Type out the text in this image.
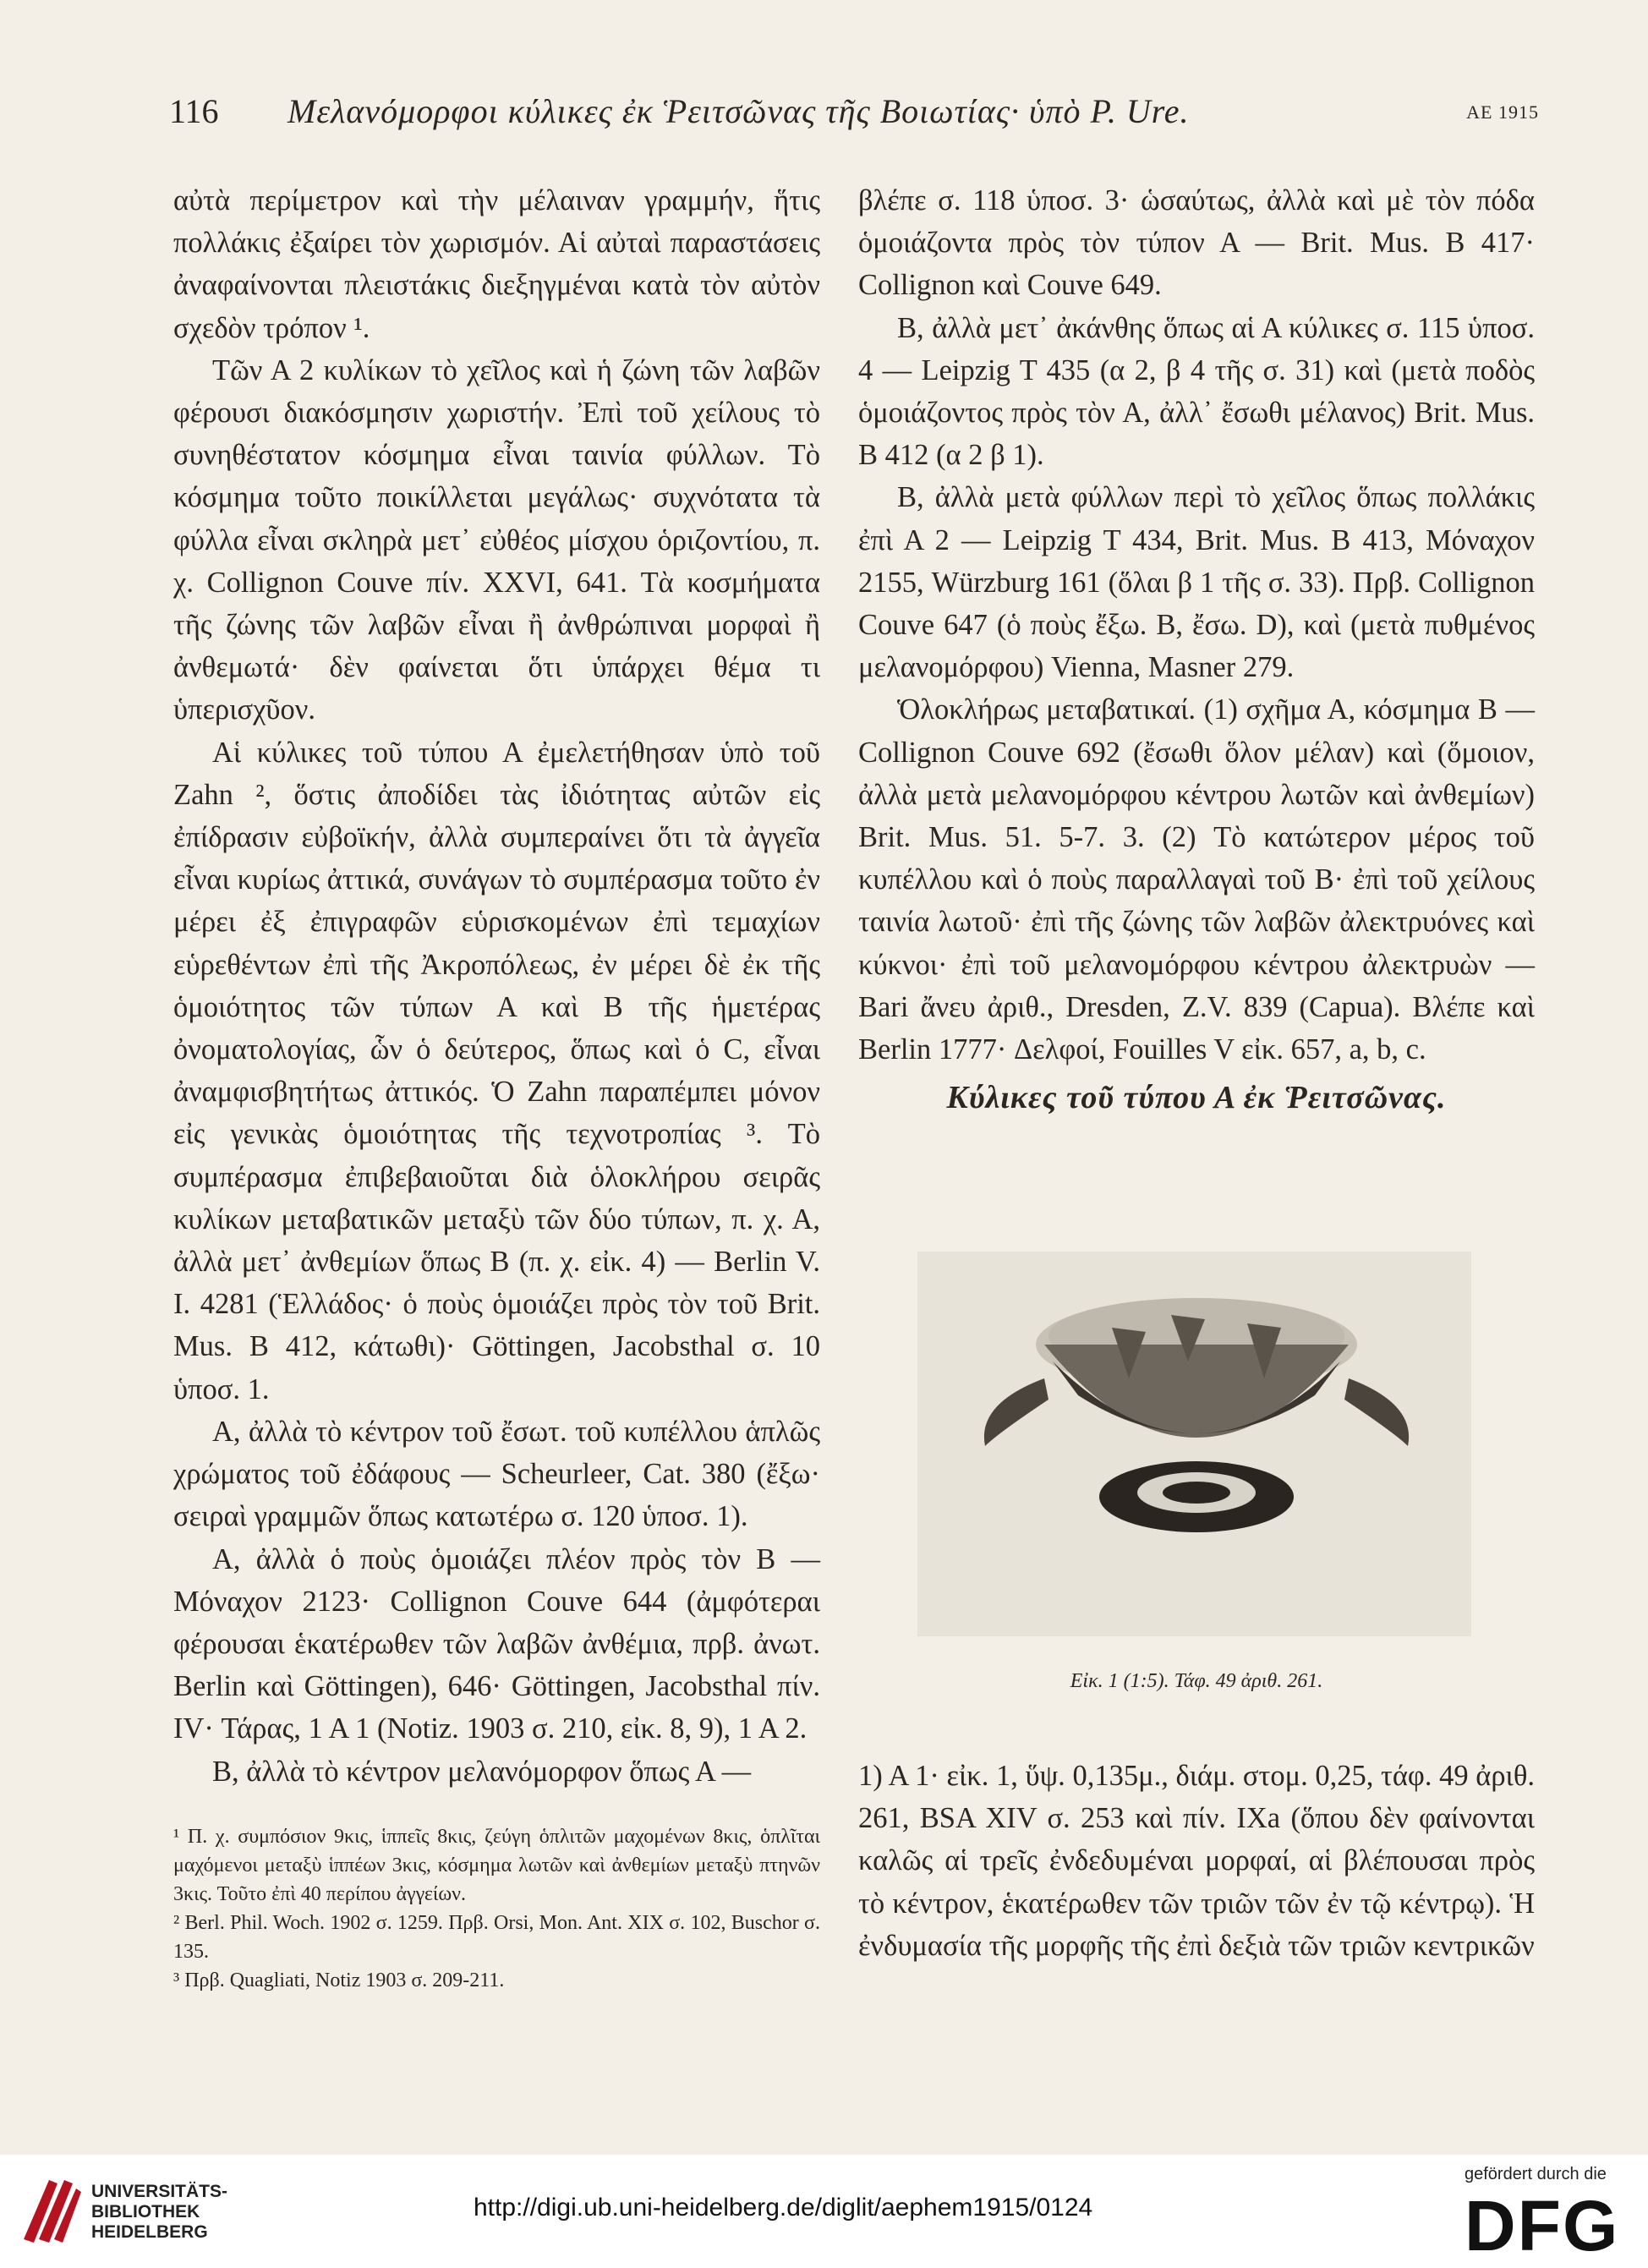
116 Μελανόμορφοι κύλικες ἐκ Ῥειτσῶνας τῆς Βοιωτίας· ὑπὸ P. Ure.	ΑΕ 1915

αὐτὰ περίμετρον καὶ τὴν μέλαιναν γραμμήν, ἥτις πολλάκις ἐξαίρει τὸν χωρισμόν. Αἱ αὐταὶ παραστάσεις ἀναφαίνονται πλειστάκις διεξηγμέναι κατὰ τὸν αὐτὸν σχεδὸν τρόπον ¹.

Τῶν Α 2 κυλίκων τὸ χεῖλος καὶ ἡ ζώνη τῶν λαβῶν φέρουσι διακόσμησιν χωριστήν. Ἐπὶ τοῦ χείλους τὸ συνηθέστατον κόσμημα εἶναι ταινία φύλλων. Τὸ κόσμημα τοῦτο ποικίλλεται μεγάλως· συχνότατα τὰ φύλλα εἶναι σκληρὰ μετ᾽ εὐθέος μίσχου ὁριζοντίου, π. χ. Collignon Couve πίν. XXVI, 641. Τὰ κοσμήματα τῆς ζώνης τῶν λαβῶν εἶναι ἢ ἀνθρώπιναι μορφαὶ ἢ ἀνθεμωτά· δὲν φαίνεται ὅτι ὑπάρχει θέμα τι ὑπερισχῦον.

Αἱ κύλικες τοῦ τύπου Α ἐμελετήθησαν ὑπὸ τοῦ Zahn ², ὅστις ἀποδίδει τὰς ἰδιότητας αὐτῶν εἰς ἐπίδρασιν εὐβοϊκήν, ἀλλὰ συμπεραίνει ὅτι τὰ ἀγγεῖα εἶναι κυρίως ἀττικά, συνάγων τὸ συμπέρασμα τοῦτο ἐν μέρει ἐξ ἐπιγραφῶν εὑρισκομένων ἐπὶ τεμαχίων εὑρεθέντων ἐπὶ τῆς Ἀκροπόλεως, ἐν μέρει δὲ ἐκ τῆς ὁμοιότητος τῶν τύπων Α καὶ Β τῆς ἡμετέρας ὀνοματολογίας, ὧν ὁ δεύτερος, ὅπως καὶ ὁ C, εἶναι ἀναμφισβητήτως ἀττικός. Ὁ Zahn παραπέμπει μόνον εἰς γενικὰς ὁμοιότητας τῆς τεχνοτροπίας ³. Τὸ συμπέρασμα ἐπιβεβαιοῦται διὰ ὁλοκλήρου σειρᾶς κυλίκων μεταβατικῶν μεταξὺ τῶν δύο τύπων, π. χ. Α, ἀλλὰ μετ᾽ ἀνθεμίων ὅπως Β (π. χ. εἰκ. 4) — Berlin V. I. 4281 (Ἑλλάδος· ὁ ποὺς ὁμοιάζει πρὸς τὸν τοῦ Brit. Mus. Β 412, κάτωθι)· Göttingen, Jacobsthal σ. 10 ὑποσ. 1.

Α, ἀλλὰ τὸ κέντρον τοῦ ἔσωτ. τοῦ κυπέλλου ἁπλῶς χρώματος τοῦ ἐδάφους — Scheurleer, Cat. 380 (ἔξω· σειραὶ γραμμῶν ὅπως κατωτέρω σ. 120 ὑποσ. 1).

Α, ἀλλὰ ὁ ποὺς ὁμοιάζει πλέον πρὸς τὸν Β — Μόναχον 2123· Collignon Couve 644 (ἀμφότεραι φέρουσαι ἑκατέρωθεν τῶν λαβῶν ἀνθέμια, πρβ. ἀνωτ. Berlin καὶ Göttingen), 646· Göttingen, Jacobsthal πίν. IV· Τάρας, 1 Α 1 (Notiz. 1903 σ. 210, εἰκ. 8, 9), 1 Α 2.

Β, ἀλλὰ τὸ κέντρον μελανόμορφον ὅπως Α —

¹ Π. χ. συμπόσιον 9κις, ἱππεῖς 8κις, ζεύγη ὁπλιτῶν μαχομένων 8κις, ὁπλῖται μαχόμενοι μεταξὺ ἱππέων 3κις, κόσμημα λωτῶν καὶ ἀνθεμίων μεταξὺ πτηνῶν 3κις. Τοῦτο ἐπὶ 40 περίπου ἀγγείων.

² Berl. Phil. Woch. 1902 σ. 1259. Πρβ. Orsi, Mon. Ant. XIX σ. 102, Buschor σ. 135.

³ Πρβ. Quagliati, Notiz 1903 σ. 209-211.

βλέπε σ. 118 ὑποσ. 3· ὡσαύτως, ἀλλὰ καὶ μὲ τὸν πόδα ὁμοιάζοντα πρὸς τὸν τύπον Α — Brit. Mus. Β 417· Collignon καὶ Couve 649.

Β, ἀλλὰ μετ᾽ ἀκάνθης ὅπως αἱ Α κύλικες σ. 115 ὑποσ. 4 — Leipzig T 435 (α 2, β 4 τῆς σ. 31) καὶ (μετὰ ποδὸς ὁμοιάζοντος πρὸς τὸν Α, ἀλλ᾽ ἔσωθι μέλανος) Brit. Mus. Β 412 (α 2 β 1).

Β, ἀλλὰ μετὰ φύλλων περὶ τὸ χεῖλος ὅπως πολλάκις ἐπὶ Α 2 — Leipzig T 434, Brit. Mus. Β 413, Μόναχον 2155, Würzburg 161 (ὅλαι β 1 τῆς σ. 33). Πρβ. Collignon Couve 647 (ὁ ποὺς ἔξω. Β, ἔσω. D), καὶ (μετὰ πυθμένος μελανομόρφου) Vienna, Masner 279.

Ὁλοκλήρως μεταβατικαί. (1) σχῆμα Α, κόσμημα Β — Collignon Couve 692 (ἔσωθι ὅλον μέλαν) καὶ (ὅμοιον, ἀλλὰ μετὰ μελανομόρφου κέντρου λωτῶν καὶ ἀνθεμίων) Brit. Mus. 51. 5-7. 3. (2) Τὸ κατώτερον μέρος τοῦ κυπέλλου καὶ ὁ ποὺς παραλλαγαὶ τοῦ Β· ἐπὶ τοῦ χείλους ταινία λωτοῦ· ἐπὶ τῆς ζώνης τῶν λαβῶν ἀλεκτρυόνες καὶ κύκνοι· ἐπὶ τοῦ μελανομόρφου κέντρου ἀλεκτρυὼν — Bari ἄνευ ἀριθ., Dresden, Z.V. 839 (Capua). Βλέπε καὶ Berlin 1777· Δελφοί, Fouilles V εἰκ. 657, a, b, c.

Κύλικες τοῦ τύπου Α ἐκ Ῥειτσῶνας.
Εἰκ. 1 (1:5). Τάφ. 49 ἀριθ. 261.

1) Α 1· εἰκ. 1, ὕψ. 0,135μ., διάμ. στομ. 0,25, τάφ. 49 ἀριθ. 261, BSA XIV σ. 253 καὶ πίν. IXa (ὅπου δὲν φαίνονται καλῶς αἱ τρεῖς ἐνδεδυμέναι μορφαί, αἱ βλέπουσαι πρὸς τὸ κέντρον, ἑκατέρωθεν τῶν τριῶν τῶν ἐν τῷ κέντρῳ). Ἡ ἐνδυμασία τῆς μορφῆς τῆς ἐπὶ δεξιὰ τῶν τριῶν κεντρικῶν

UNIVERSITÄTS-BIBLIOTHEK HEIDELBERG
http://digi.ub.uni-heidelberg.de/diglit/aephem1915/0124
gefördert durch die
DFG
